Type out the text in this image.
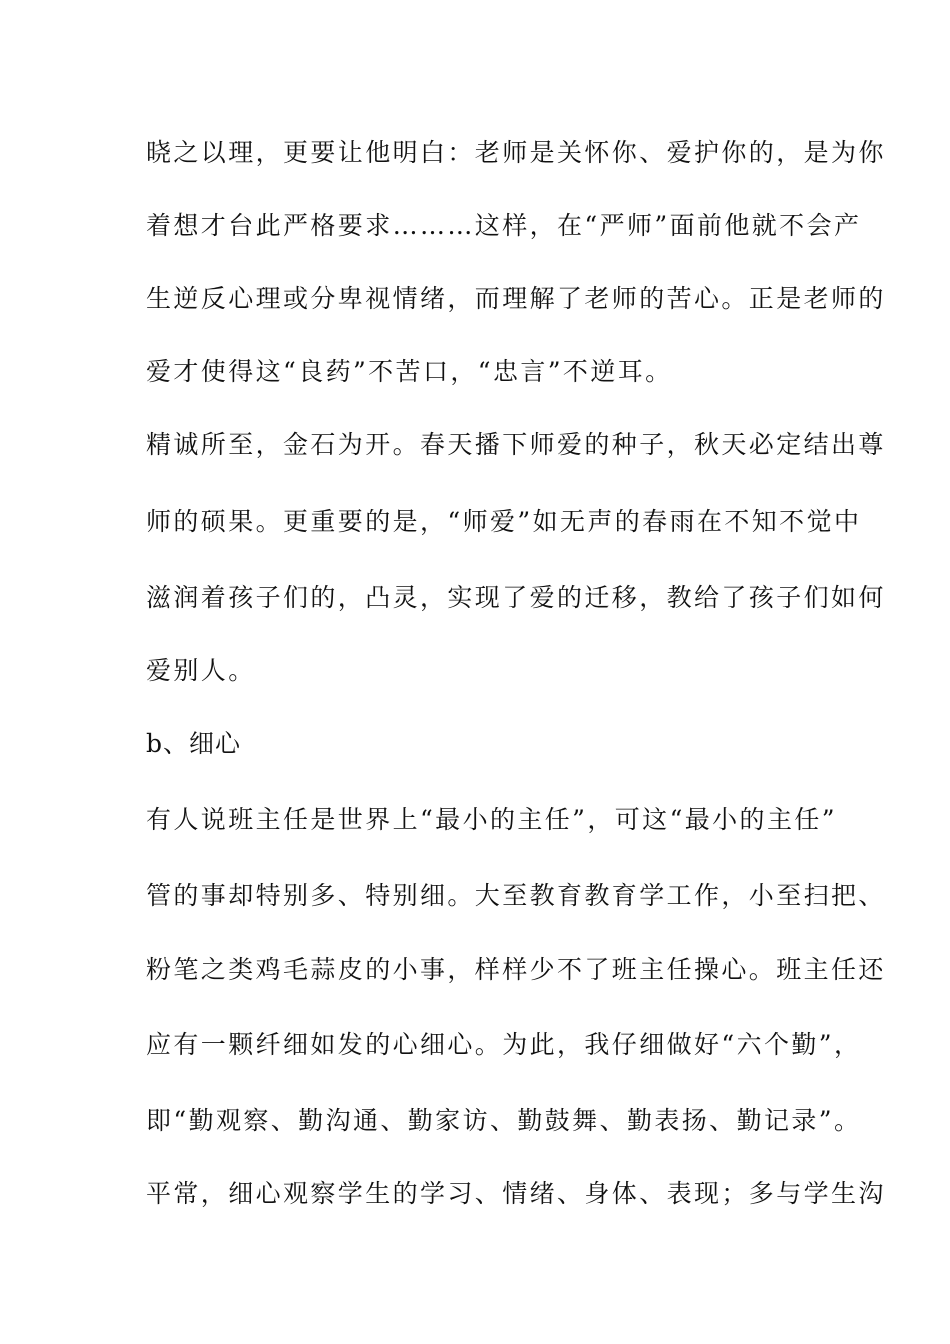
晓之以理，更要让他明白：老师是关怀你、爱护你的，是为你
着想才台此严格要求………这样，在“严师”面前他就不会产
生逆反心理或分卑视情绪，而理解了老师的苦心。正是老师的
爱才使得这“良药”不苦口，“忠言”不逆耳。
精诚所至，金石为开。春天播下师爱的种子，秋天必定结出尊
师的硕果。更重要的是，“师爱”如无声的春雨在不知不觉中
滋润着孩子们的，凸灵，实现了爱的迁移，教给了孩子们如何
爱别人。
b、细心
有人说班主任是世界上“最小的主任”，可这“最小的主任”
管的事却特别多、特别细。大至教育教育学工作，小至扫把、
粉笔之类鸡毛蒜皮的小事，样样少不了班主任操心。班主任还
应有一颗纤细如发的心细心。为此，我仔细做好“六个勤”，
即“勤观察、勤沟通、勤家访、勤鼓舞、勤表扬、勤记录”。
平常，细心观察学生的学习、情绪、身体、表现；多与学生沟
